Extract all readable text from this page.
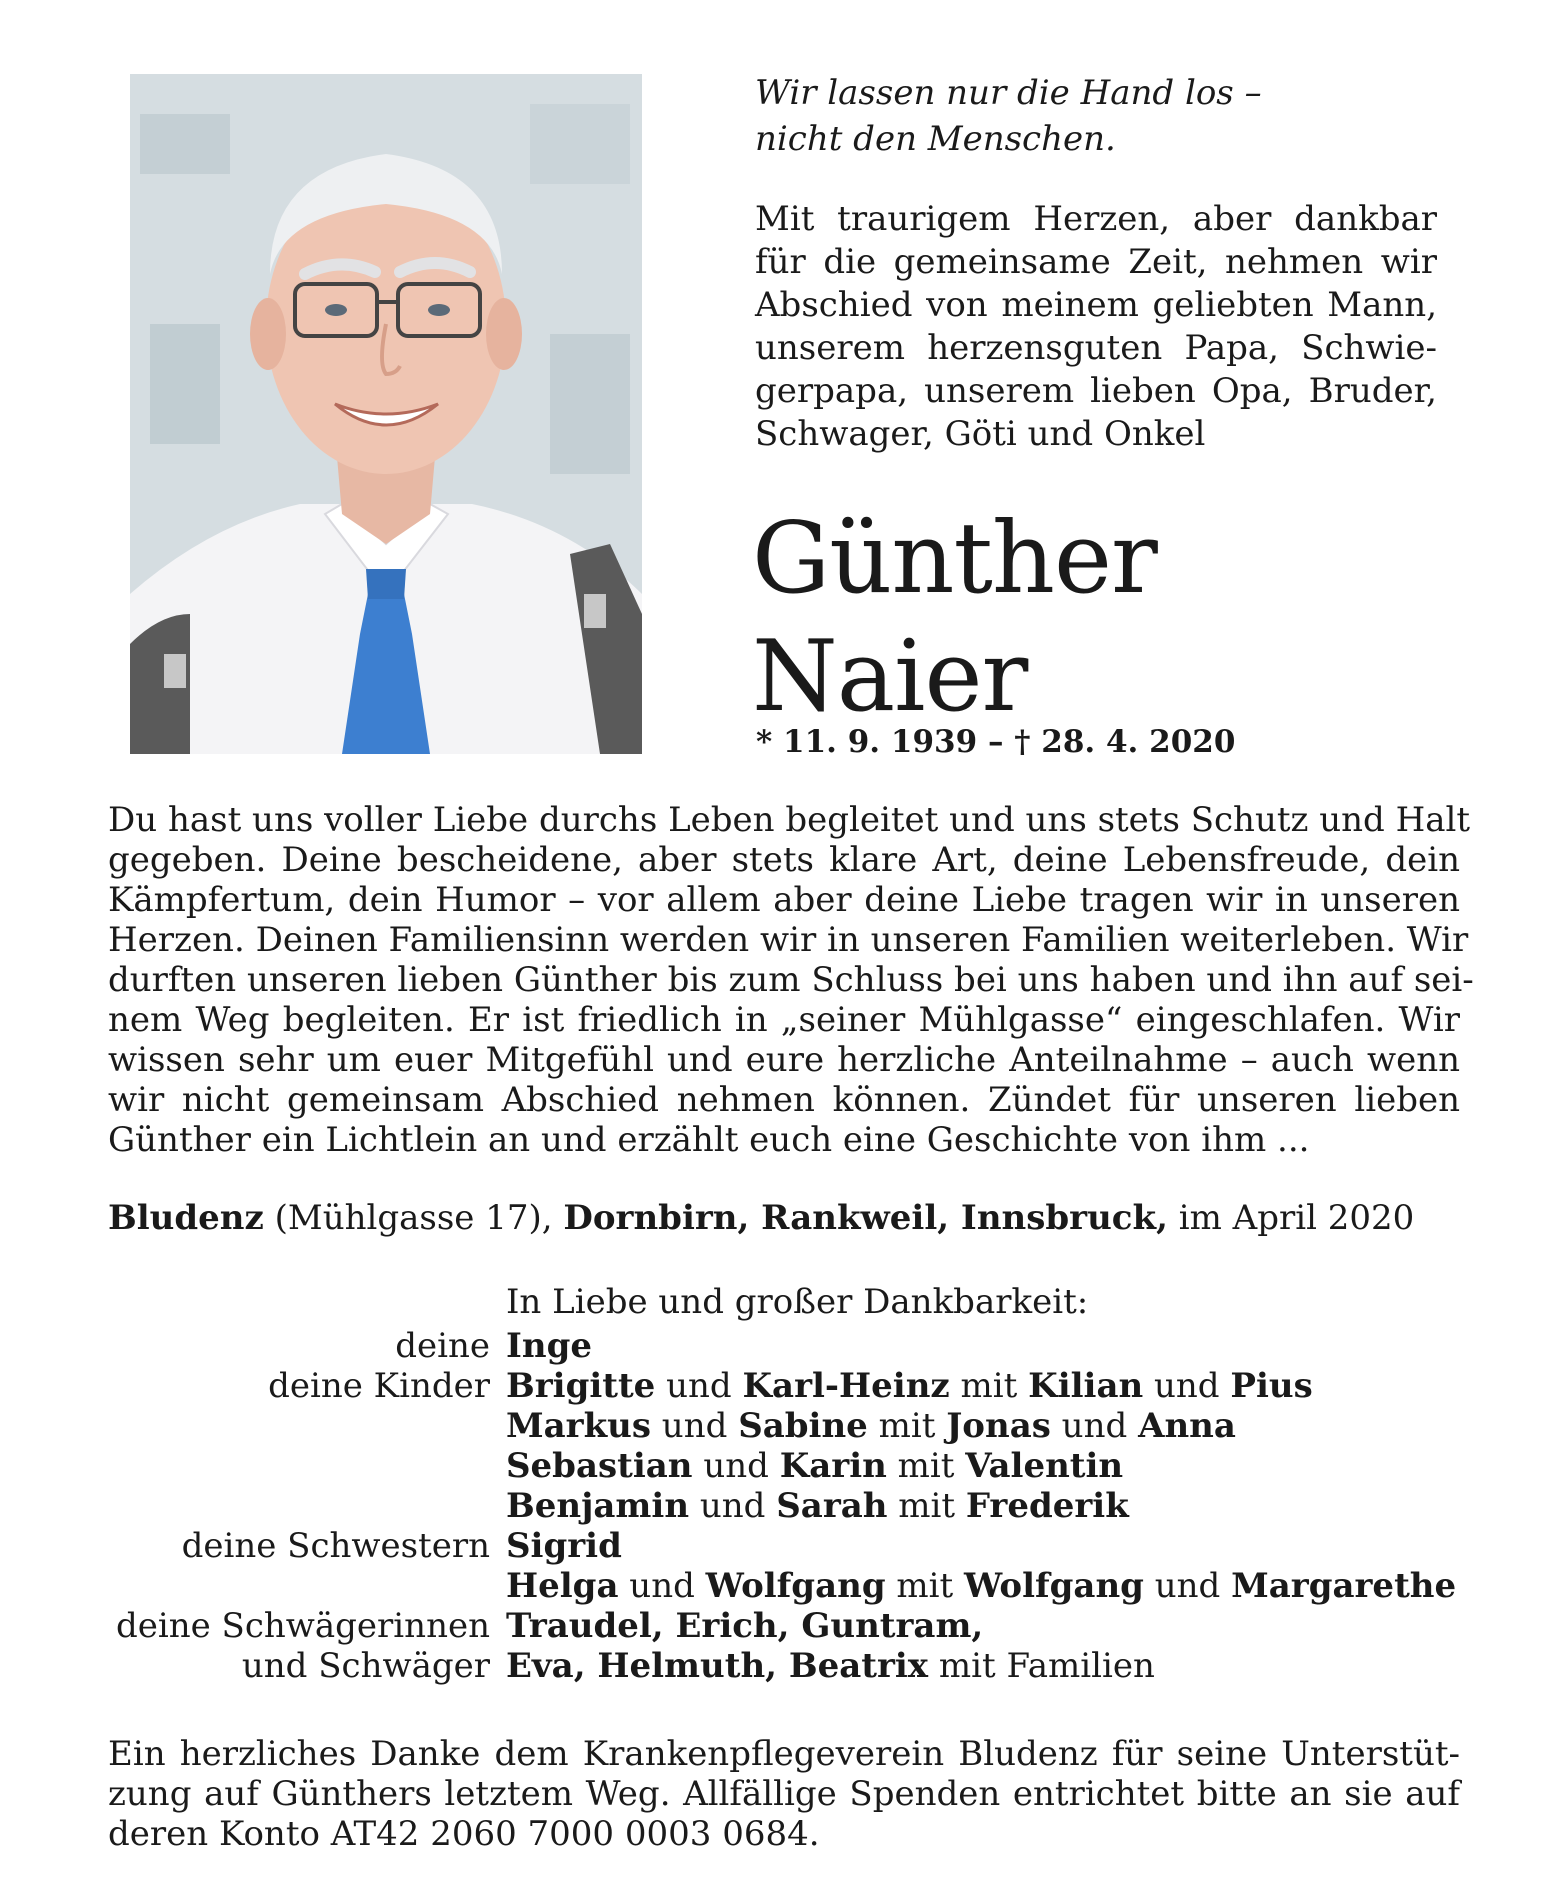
Wir lassen nur die Hand los –
nicht den Menschen.
Mit traurigem Herzen, aber dankbar
für die gemeinsame Zeit, nehmen wir
Abschied von meinem geliebten Mann,
unserem herzensguten Papa, Schwie-
gerpapa, unserem lieben Opa, Bruder,
Schwager, Göti und Onkel
Günther
Naier
* 11. 9. 1939 – † 28. 4. 2020
Du hast uns voller Liebe durchs Leben begleitet und uns stets Schutz und Halt
gegeben. Deine bescheidene, aber stets klare Art, deine Lebensfreude, dein
Kämpfertum, dein Humor – vor allem aber deine Liebe tragen wir in unseren
Herzen. Deinen Familiensinn werden wir in unseren Familien weiterleben. Wir
durften unseren lieben Günther bis zum Schluss bei uns haben und ihn auf sei-
nem Weg begleiten. Er ist friedlich in „seiner Mühlgasse“ eingeschlafen. Wir
wissen sehr um euer Mitgefühl und eure herzliche Anteilnahme – auch wenn
wir nicht gemeinsam Abschied nehmen können. Zündet für unseren lieben
Günther ein Lichtlein an und erzählt euch eine Geschichte von ihm ...
Bludenz (Mühlgasse 17), Dornbirn, Rankweil, Innsbruck, im April 2020
In Liebe und großer Dankbarkeit:
deine Inge
deine Kinder Brigitte und Karl-Heinz mit Kilian und Pius
Markus und Sabine mit Jonas und Anna
Sebastian und Karin mit Valentin
Benjamin und Sarah mit Frederik
deine Schwestern Sigrid
Helga und Wolfgang mit Wolfgang und Margarethe
deine Schwägerinnen Traudel, Erich, Guntram,
und Schwäger Eva, Helmuth, Beatrix mit Familien
Ein herzliches Danke dem Krankenpflegeverein Bludenz für seine Unterstüt-
zung auf Günthers letztem Weg. Allfällige Spenden entrichtet bitte an sie auf
deren Konto AT42 2060 7000 0003 0684.
